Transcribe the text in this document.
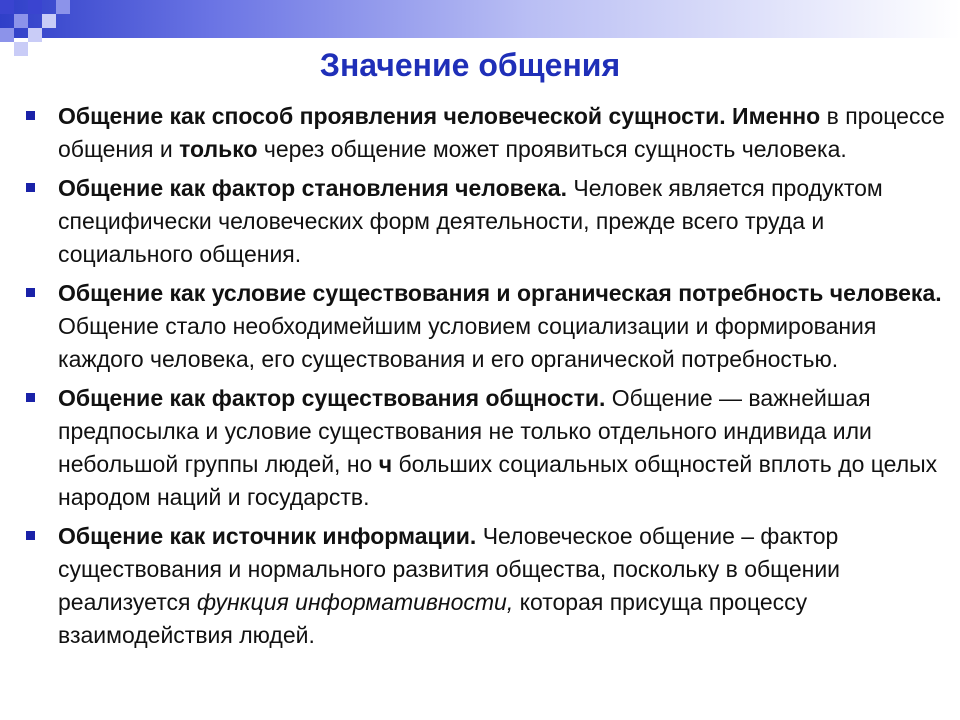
Значение общения
Общение как способ проявления человеческой сущности. Именно в процессе общения и только через общение может проявиться сущность человека.
Общение как фактор становления человека. Человек является продуктом специфически человеческих форм деятельности, прежде всего труда и социального общения.
Общение как условие существования и органическая потребность человека. Общение стало необходимейшим условием социализации и формирования каждого человека, его существования и его органической потребностью.
Общение как фактор существования общности. Общение — важнейшая предпосылка и условие существования не только отдельного индивида или небольшой группы людей, но ч больших социальных общностей вплоть до целых народом наций и государств.
Общение как источник информации. Человеческое общение – фактор существования и нормального развития общества, поскольку в общении реализуется функция информативности, которая присуща процессу взаимодействия людей.
